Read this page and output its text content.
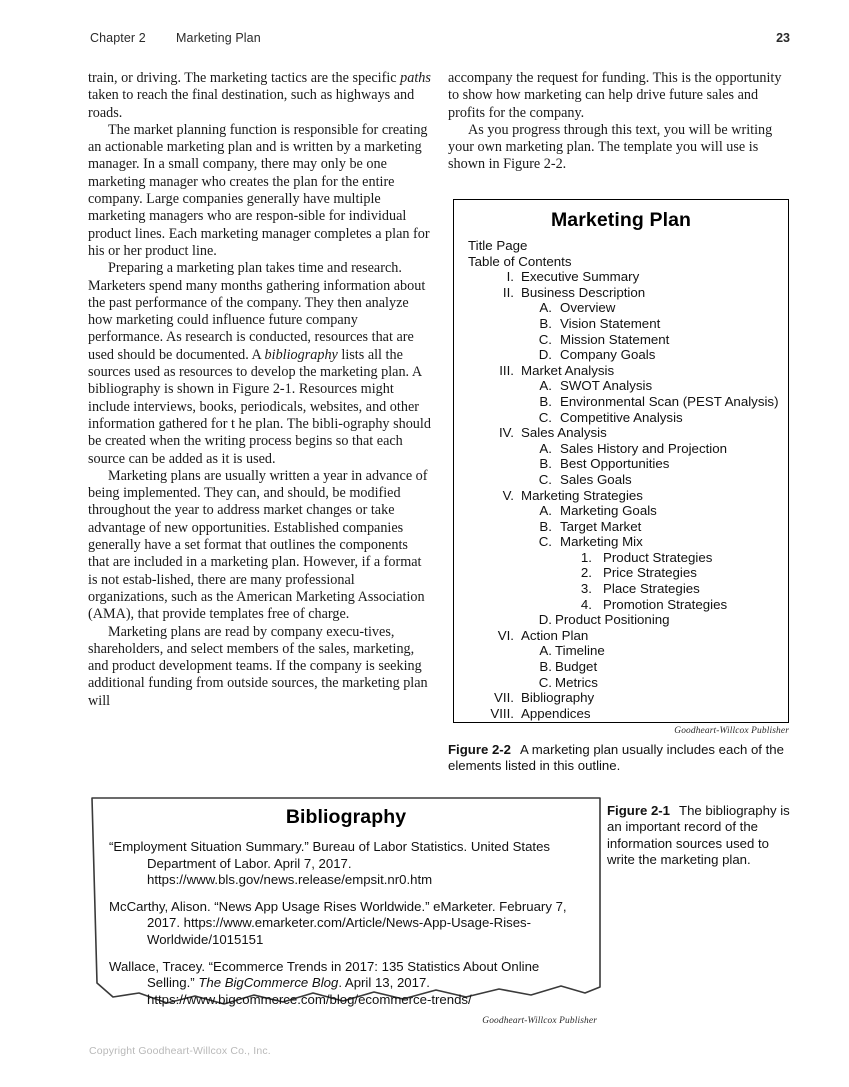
Chapter 2 Marketing Plan	23

train, or driving. The marketing tactics are the specific paths taken to reach the final destination, such as highways and roads.

The market planning function is responsible for creating an actionable marketing plan and is written by a marketing manager. In a small company, there may only be one marketing manager who creates the plan for the entire company. Large companies generally have multiple marketing managers who are respon-sible for individual product lines. Each marketing manager completes a plan for his or her product line.

Preparing a marketing plan takes time and research. Marketers spend many months gathering information about the past performance of the company. They then analyze how marketing could influence future company performance. As research is conducted, resources that are used should be documented. A bibliography lists all the sources used as resources to develop the marketing plan. A bibliography is shown in Figure 2-1. Resources might include interviews, books, periodicals, websites, and other information gathered for t he plan. The bibli-ography should be created when the writing process begins so that each source can be added as it is used.

Marketing plans are usually written a year in advance of being implemented. They can, and should, be modified throughout the year to address market changes or take advantage of new opportunities. Established companies generally have a set format that outlines the components that are included in a marketing plan. However, if a format is not estab-lished, there are many professional organizations, such as the American Marketing Association (AMA), that provide templates free of charge.

Marketing plans are read by company execu-tives, shareholders, and select members of the sales, marketing, and product development teams. If the company is seeking additional funding from outside sources, the marketing plan will

accompany the request for funding. This is the opportunity to show how marketing can help drive future sales and profits for the company.

As you progress through this text, you will be writing your own marketing plan. The template you will use is shown in Figure 2-2.

Marketing Plan
Title Page
Table of Contents
I. Executive Summary
II. Business Description
A. Overview
B. Vision Statement
C. Mission Statement
D. Company Goals
III. Market Analysis
A. SWOT Analysis
B. Environmental Scan (PEST Analysis)
C. Competitive Analysis
IV. Sales Analysis
A. Sales History and Projection
B. Best Opportunities
C. Sales Goals
V. Marketing Strategies
A. Marketing Goals
B. Target Market
C. Marketing Mix
1. Product Strategies
2. Price Strategies
3. Place Strategies
4. Promotion Strategies
D. Product Positioning
VI. Action Plan
A. Timeline
B. Budget
C. Metrics
VII. Bibliography
VIII. Appendices
Goodheart-Willcox Publisher
Figure 2-2 A marketing plan usually includes each of the elements listed in this outline.
Bibliography
“Employment Situation Summary.” Bureau of Labor Statistics. United States Department of Labor. April 7, 2017. https://www.bls.gov/news.release/empsit.nr0.htm
McCarthy, Alison. “News App Usage Rises Worldwide.” eMarketer. February 7, 2017. https://www.emarketer.com/Article/News-App-Usage-Rises-Worldwide/1015151
Wallace, Tracey. “Ecommerce Trends in 2017: 135 Statistics About Online Selling.” The BigCommerce Blog. April 13, 2017. https://www.bigcommerce.com/blog/ecommerce-trends/
Goodheart-Willcox Publisher
Figure 2-1 The bibliography is an important record of the information sources used to write the marketing plan.
Copyright Goodheart-Willcox Co., Inc.
